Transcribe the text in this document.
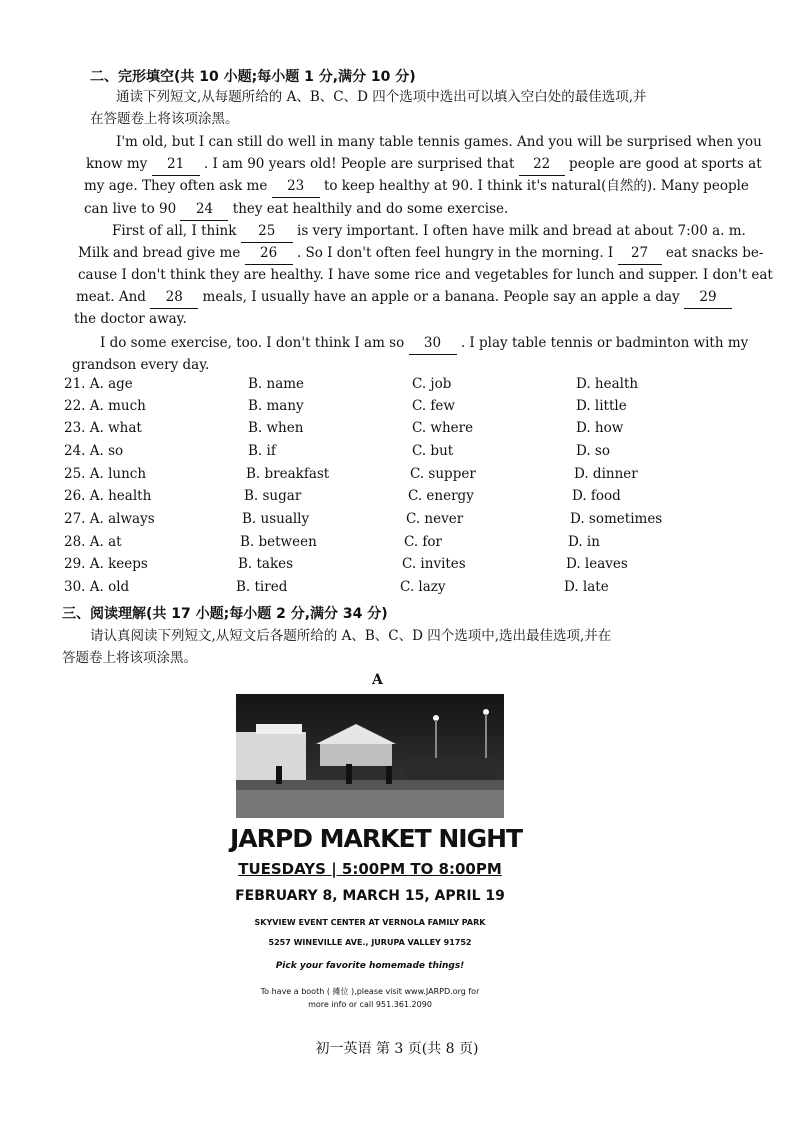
二、完形填空(共 10 小题;每小题 1 分,满分 10 分)
通读下列短文,从每题所给的 A、B、C、D 四个选项中选出可以填入空白处的最佳选项,并
在答题卷上将该项涂黑。
I'm old, but I can still do well in many table tennis games. And you will be surprised when you
know my 21 . I am 90 years old! People are surprised that 22 people are good at sports at
my age. They often ask me 23 to keep healthy at 90. I think it's natural(自然的). Many people
can live to 90 24 they eat healthily and do some exercise.
First of all, I think 25 is very important. I often have milk and bread at about 7:00 a. m.
Milk and bread give me 26 . So I don't often feel hungry in the morning. I 27 eat snacks be-
cause I don't think they are healthy. I have some rice and vegetables for lunch and supper. I don't eat
meat. And 28 meals, I usually have an apple or a banana. People say an apple a day 29
the doctor away.
I do some exercise, too. I don't think I am so 30 . I play table tennis or badminton with my
grandson every day.
21. A. age	B. name	C. job	D. health
22. A. much	B. many	C. few	D. little
23. A. what	B. when	C. where	D. how
24. A. so	B. if	C. but	D. so
25. A. lunch	B. breakfast	C. supper	D. dinner
26. A. health	B. sugar	C. energy	D. food
27. A. always	B. usually	C. never	D. sometimes
28. A. at	B. between	C. for	D. in
29. A. keeps	B. takes	C. invites	D. leaves
30. A. old	B. tired	C. lazy	D. late
三、阅读理解(共 17 小题;每小题 2 分,满分 34 分)
请认真阅读下列短文,从短文后各题所给的 A、B、C、D 四个选项中,选出最佳选项,并在
答题卷上将该项涂黑。
A
JARPD MARKET NIGHT
TUESDAYS | 5:00PM TO 8:00PM
FEBRUARY 8, MARCH 15, APRIL 19
SKYVIEW EVENT CENTER AT VERNOLA FAMILY PARK
5257 WINEVILLE AVE., JURUPA VALLEY 91752
Pick your favorite homemade things!
To have a booth ( 摊位 ),please visit www.JARPD.org for
more info or call 951.361.2090
初一英语 第 3 页(共 8 页)
